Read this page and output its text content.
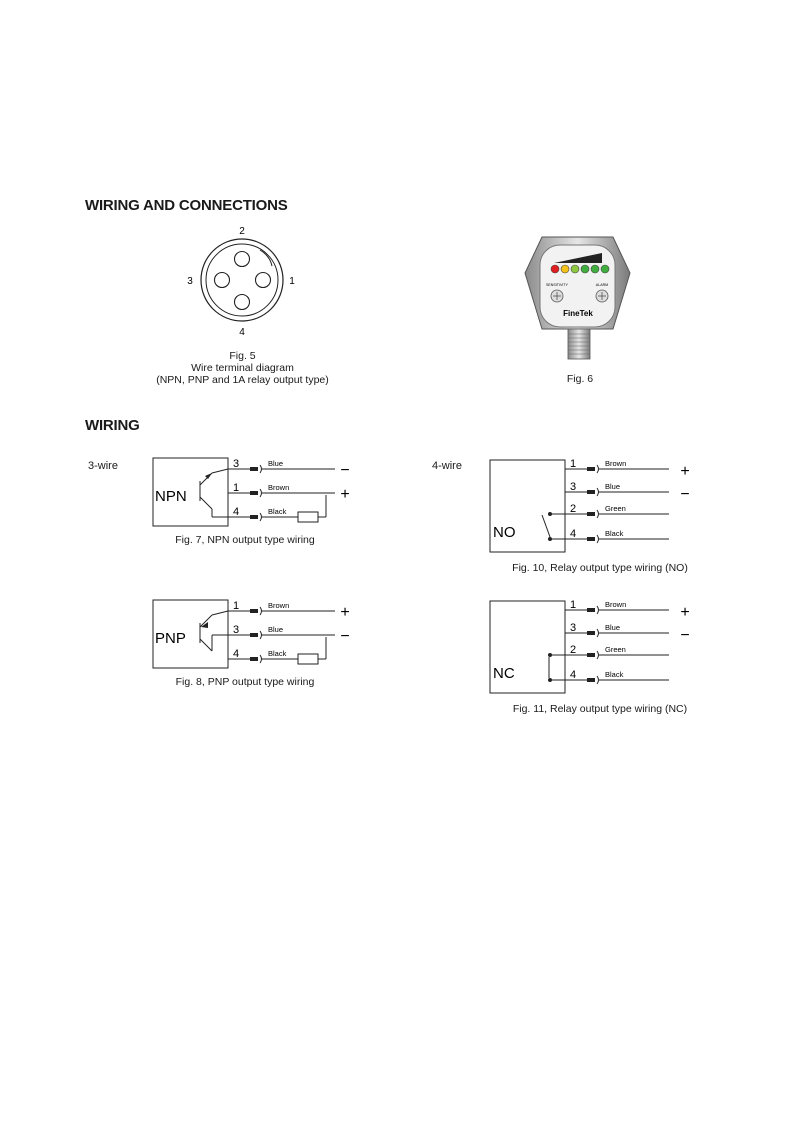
WIRING AND CONNECTIONS
WIRING
2
3	1
4
Fig. 5
Wire terminal diagram
(NPN, PNP and 1A relay output type)
SENSITIVITY	ALARM
FineTek
Fig. 6
3-wire	4-wire
NPN
3	Blue	−
1	Brown	+
4	Black
Fig. 7, NPN output type wiring
PNP
1	Brown	+
3	Blue	−
4	Black
Fig. 8, PNP output type wiring
NO
1	Brown	+
3	Blue	−
2	Green
4	Black
Fig. 10, Relay output type wiring (NO)
NC
1	Brown	+
3	Blue	−
2	Green
4	Black
Fig. 11, Relay output type wiring (NC)
